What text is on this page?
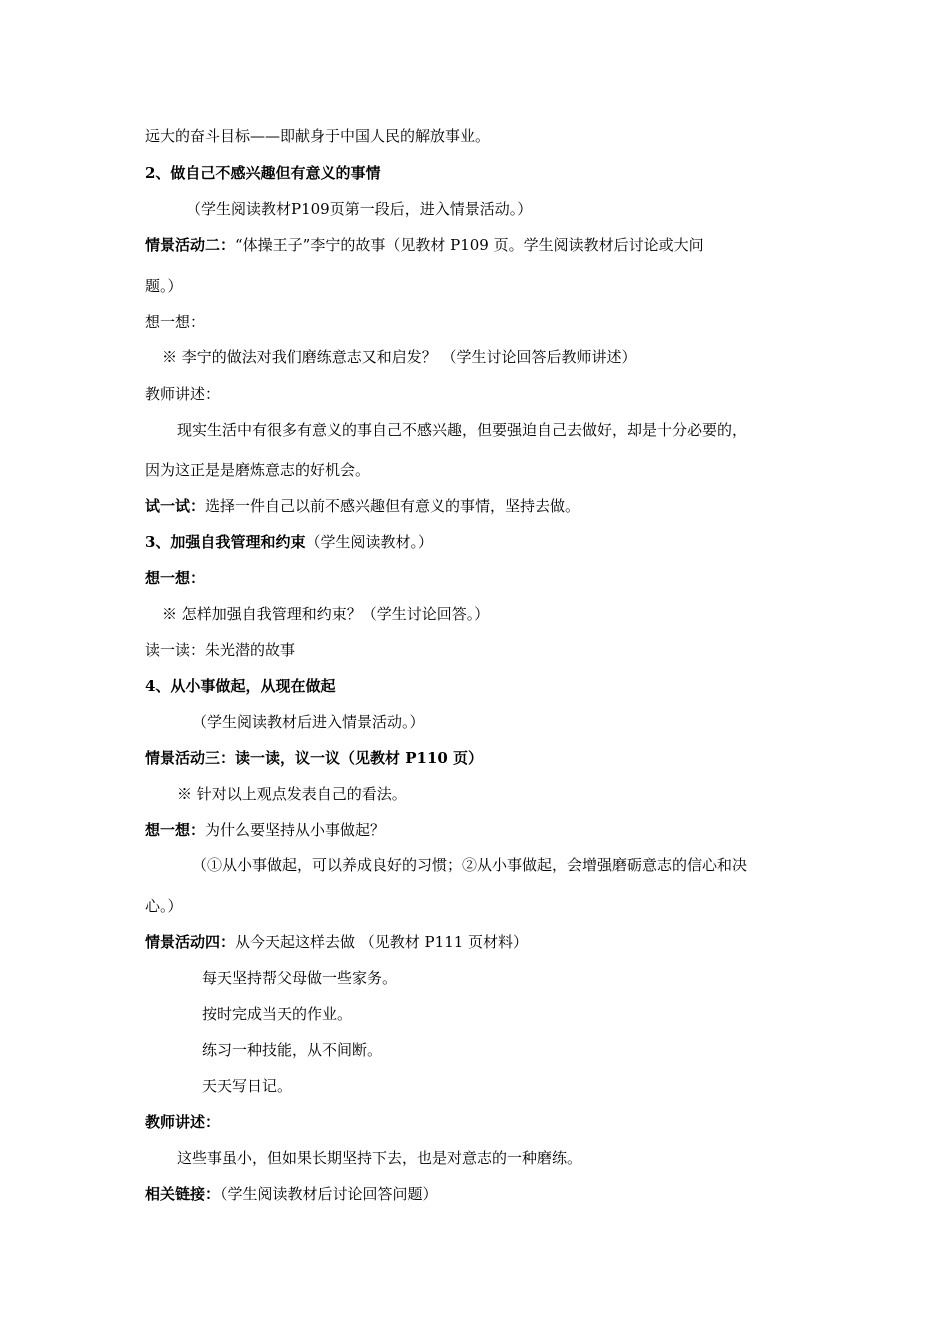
远大的奋斗目标——即献身于中国人民的解放事业。
2、做自己不感兴趣但有意义的事情
（学生阅读教材P109页第一段后，进入情景活动。）
情景活动二：“体操王子”李宁的故事（见教材 P109 页。学生阅读教材后讨论或大问
题。）
想一想：
※ 李宁的做法对我们磨练意志又和启发？ （学生讨论回答后教师讲述）
教师讲述：
现实生活中有很多有意义的事自己不感兴趣，但要强迫自己去做好，却是十分必要的，
因为这正是是磨炼意志的好机会。
试一试：选择一件自己以前不感兴趣但有意义的事情，坚持去做。
3、加强自我管理和约束（学生阅读教材。）
想一想：
※ 怎样加强自我管理和约束？（学生讨论回答。）
读一读：朱光潜的故事
4、从小事做起，从现在做起
（学生阅读教材后进入情景活动。）
情景活动三：读一读，议一议（见教材 P110 页）
※ 针对以上观点发表自己的看法。
想一想：为什么要坚持从小事做起？
（①从小事做起，可以养成良好的习惯；②从小事做起，会增强磨砺意志的信心和决
心。）
情景活动四：从今天起这样去做 （见教材 P111 页材料）
每天坚持帮父母做一些家务。
按时完成当天的作业。
练习一种技能，从不间断。
天天写日记。
教师讲述：
这些事虽小，但如果长期坚持下去，也是对意志的一种磨练。
相关链接：（学生阅读教材后讨论回答问题）
